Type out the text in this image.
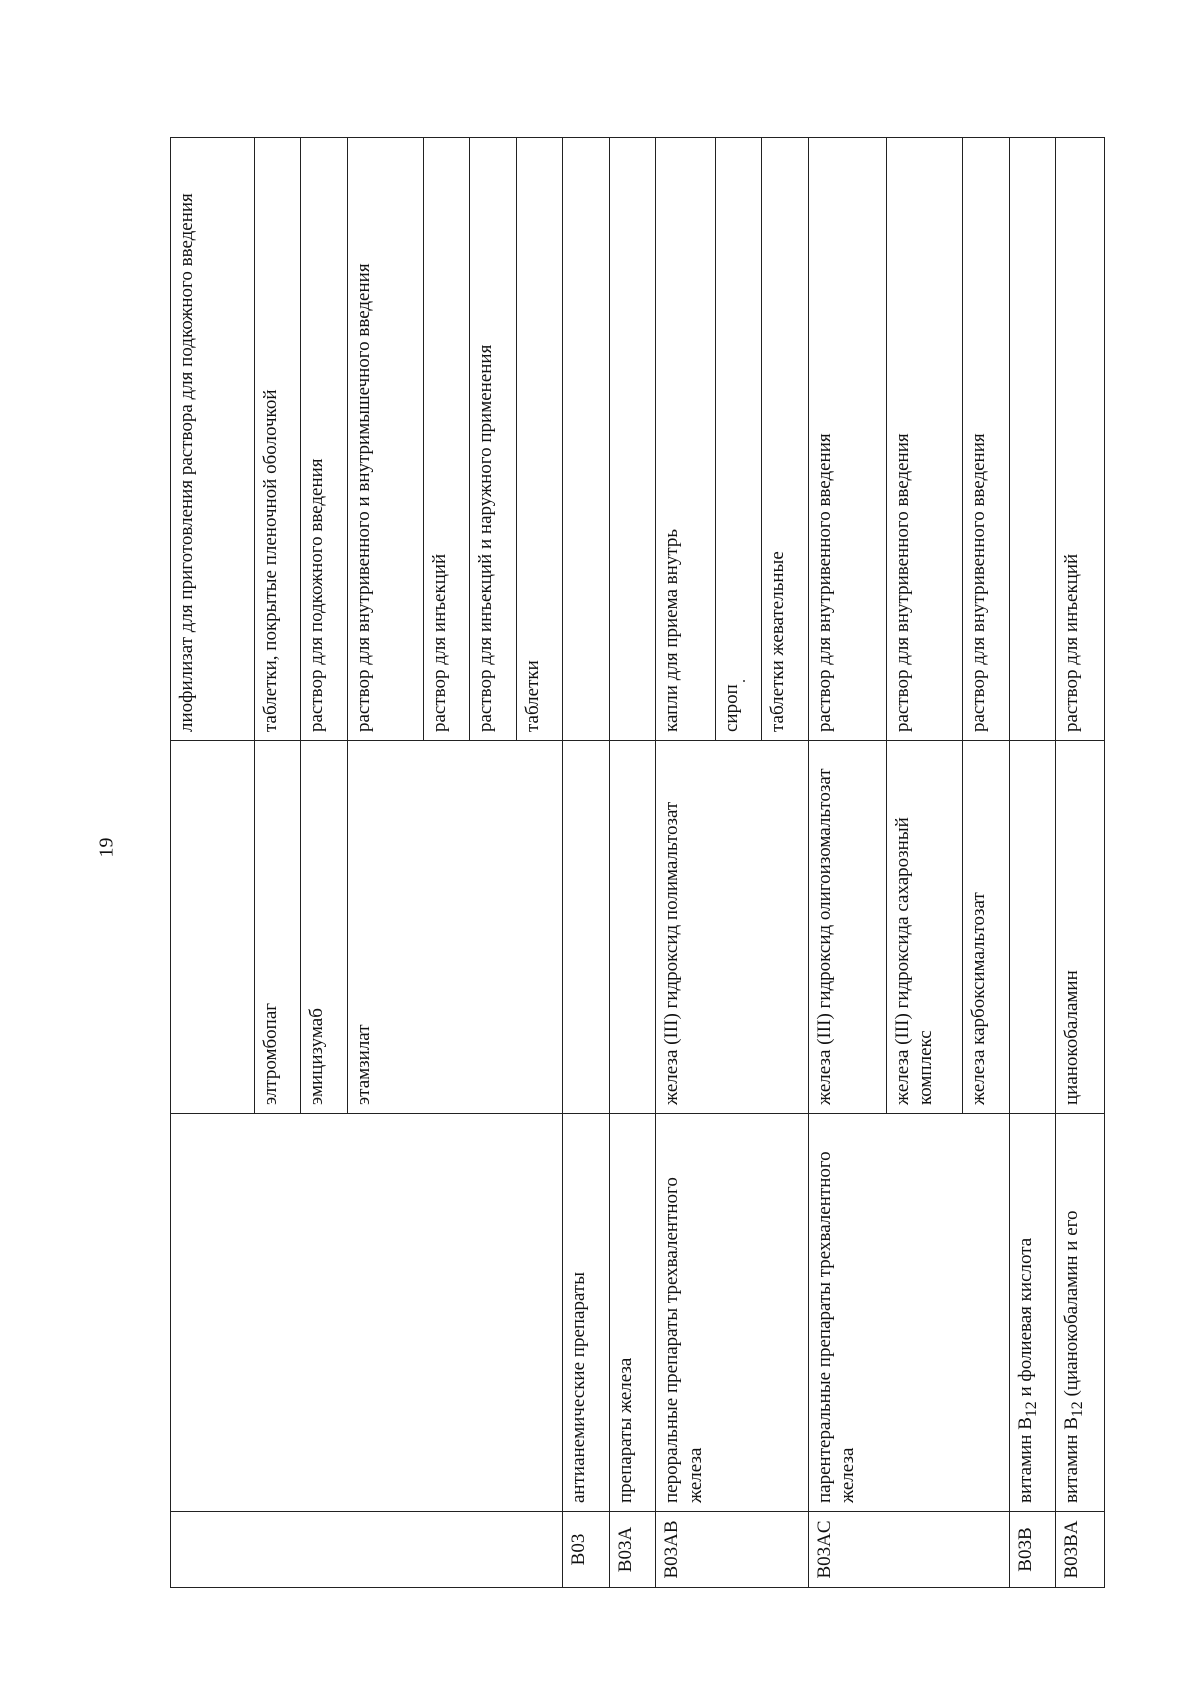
19
			лиофилизат для приготовления раствора для подкожного введения
		элтромбопаг	таблетки, покрытые пленочной оболочкой
		эмицизумаб	раствор для подкожного введения
		этамзилат	раствор для внутривенного и внутримышечного введения
			раствор для инъекций
			раствор для инъекций и наружного применения
			таблетки
B03	антианемические препараты		
B03A	препараты железа		
B03AB	пероральные препараты трехвалентного железа	железа (III) гидроксид полимальтозат	капли для приема внутрь
			сироп
			таблетки жевательные
B03AC	парентеральные препараты трехвалентного железа	железа (III) гидроксид олигоизомальтозат	раствор для внутривенного введения
		железа (III) гидроксида сахарозный комплекс	раствор для внутривенного введения
		железа карбоксимальтозат	раствор для внутривенного введения
B03B	витамин $B_{12}$ и фолиевая кислота		
B03BA	витамин $B_{12}$ (цианокобаламин и его	цианокобаламин	раствор для инъекций
